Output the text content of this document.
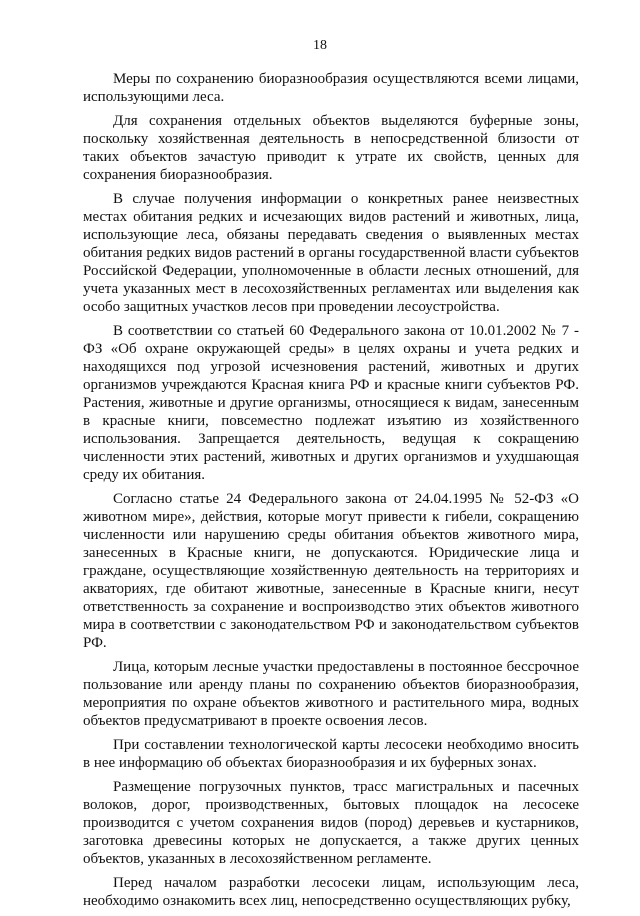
18

Меры по сохранению биоразнообразия осуществляются всеми лицами, использующими леса.

Для сохранения отдельных объектов выделяются буферные зоны, поскольку хозяйственная деятельность в непосредственной близости от таких объектов зачастую приводит к утрате их свойств, ценных для сохранения биоразнообразия.

В случае получения информации о конкретных ранее неизвестных местах обитания редких и исчезающих видов растений и животных, лица, использующие леса, обязаны передавать сведения о выявленных местах обитания редких видов растений в органы государственной власти субъектов Российской Федерации, уполномоченные в области лесных отношений, для учета указанных мест в лесохозяйственных регламентах или выделения как особо защитных участков лесов при проведении лесоустройства.

В соответствии со статьей 60 Федерального закона от 10.01.2002 № 7 - ФЗ «Об охране окружающей среды» в целях охраны и учета редких и находящихся под угрозой исчезновения растений, животных и других организмов учреждаются Красная книга РФ и красные книги субъектов РФ. Растения, животные и другие организмы, относящиеся к видам, занесенным в красные книги, повсеместно подлежат изъятию из хозяйственного использования. Запрещается деятельность, ведущая к сокращению численности этих растений, животных и других организмов и ухудшающая среду их обитания.

Согласно статье 24 Федерального закона от 24.04.1995 № 52-ФЗ «О животном мире», действия, которые могут привести к гибели, сокращению численности или нарушению среды обитания объектов животного мира, занесенных в Красные книги, не допускаются. Юридические лица и граждане, осуществляющие хозяйственную деятельность на территориях и акваториях, где обитают животные, занесенные в Красные книги, несут ответственность за сохранение и воспроизводство этих объектов животного мира в соответствии с законодательством РФ и законодательством субъектов РФ.

Лица, которым лесные участки предоставлены в постоянное бессрочное пользование или аренду планы по сохранению объектов биоразнообразия, мероприятия по охране объектов животного и растительного мира, водных объектов предусматривают в проекте освоения лесов.

При составлении технологической карты лесосеки необходимо вносить в нее информацию об объектах биоразнообразия и их буферных зонах.

Размещение погрузочных пунктов, трасс магистральных и пасечных волоков, дорог, производственных, бытовых площадок на лесосеке производится с учетом сохранения видов (пород) деревьев и кустарников, заготовка древесины которых не допускается, а также других ценных объектов, указанных в лесохозяйственном регламенте.

Перед началом разработки лесосеки лицам, использующим леса, необходимо ознакомить всех лиц, непосредственно осуществляющих рубку,
